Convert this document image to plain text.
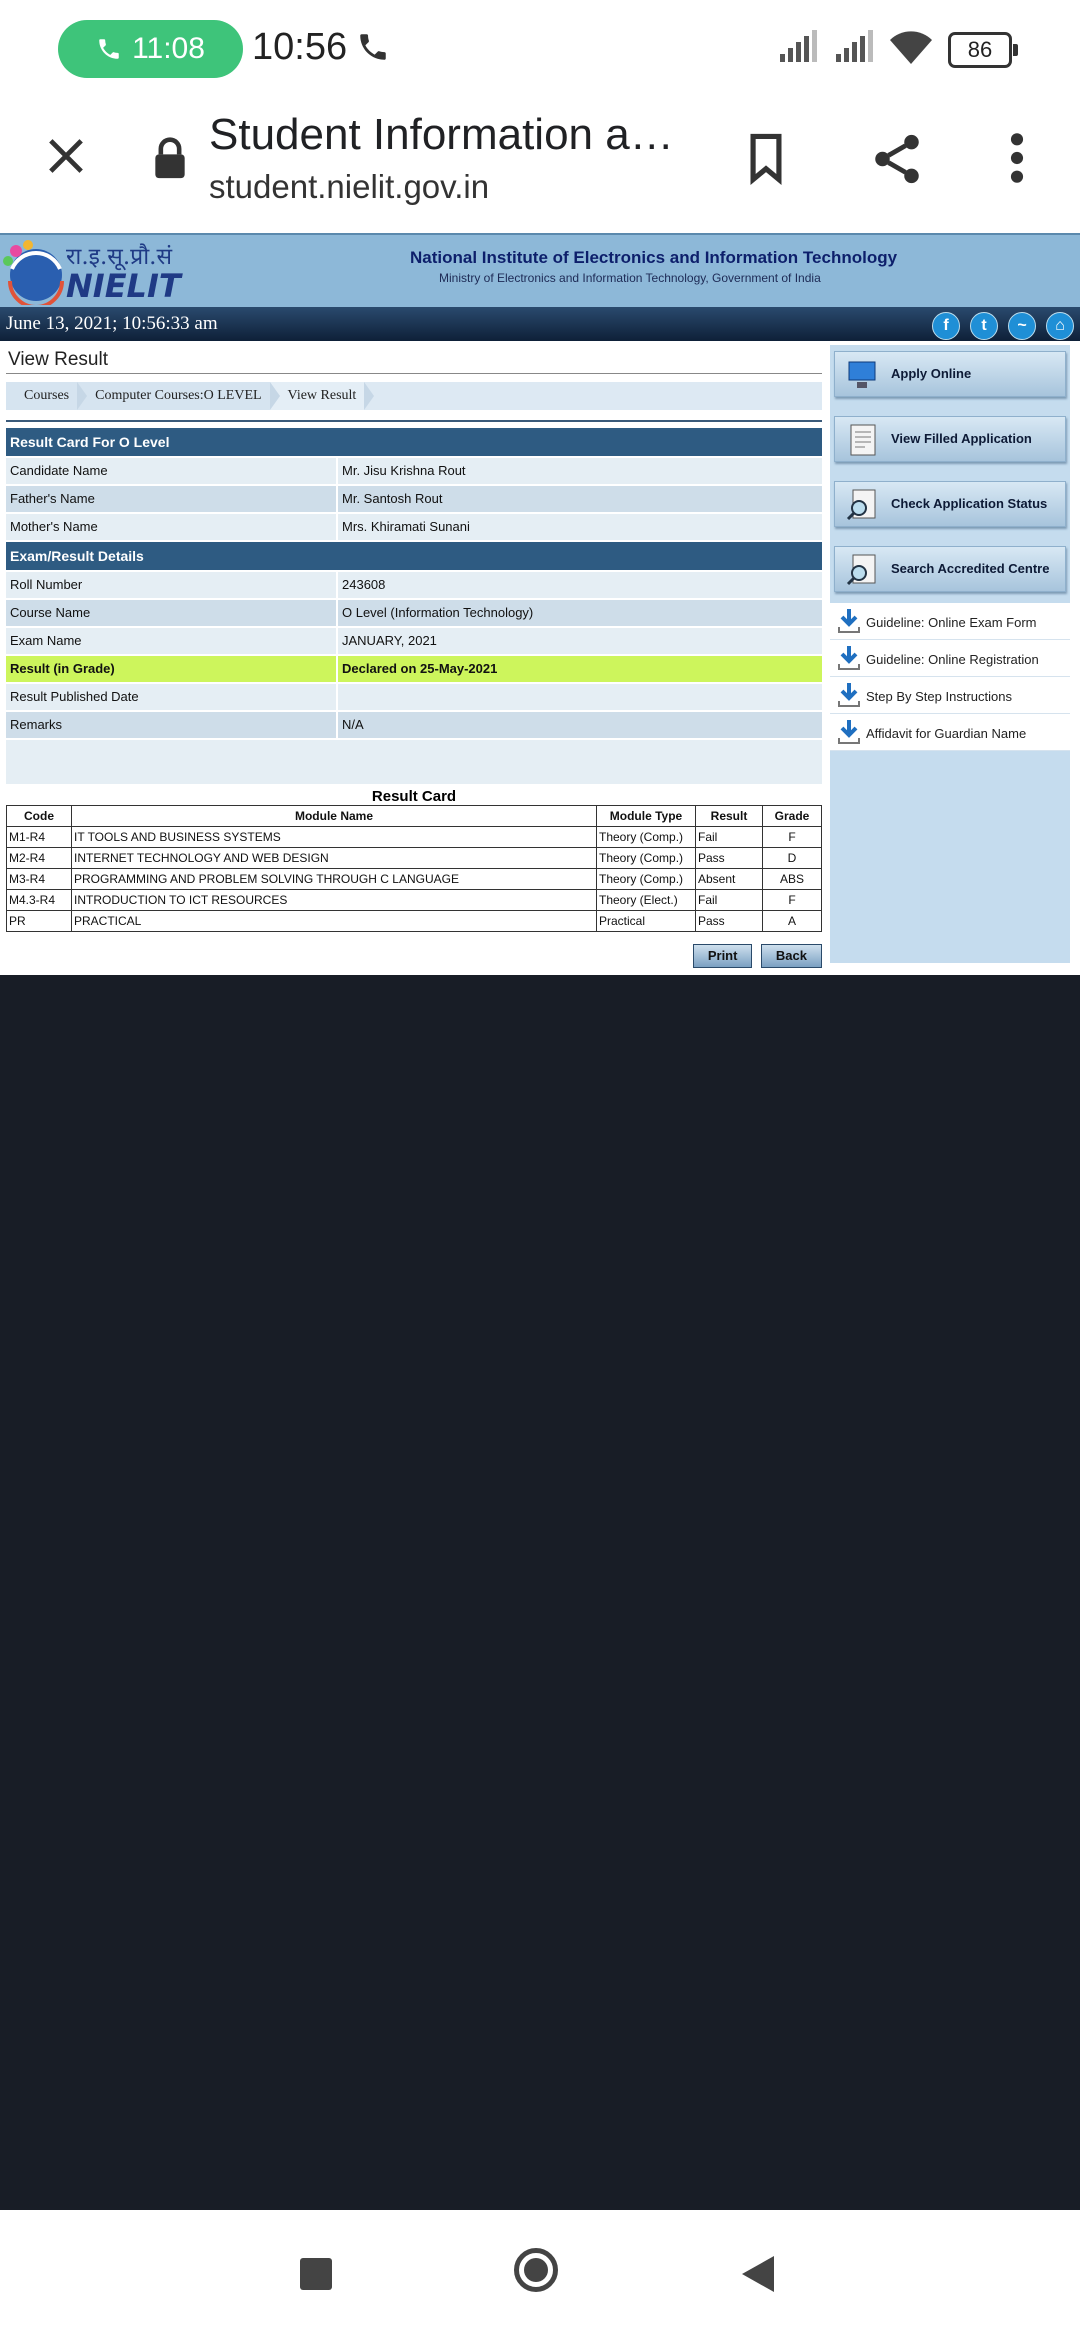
11:08 10:56	86
Student Information a…
student.nielit.gov.in
रा.इ.सू.प्रौ.सं
NIELIT
National Institute of Electronics and Information Technology
Ministry of Electronics and Information Technology, Government of India
June 13, 2021; 10:56:33 am	f	t	~	⌂
View Result
Courses	Computer Courses:O LEVEL	View Result
Result Card For O Level
Candidate Name	Mr. Jisu Krishna Rout
Father's Name	Mr. Santosh Rout
Mother's Name	Mrs. Khiramati Sunani
Exam/Result Details
Roll Number	243608
Course Name	O Level (Information Technology)
Exam Name	JANUARY, 2021
Result (in Grade)	Declared on 25-May-2021
Result Published Date
Remarks	N/A
Result Card
Code	Module Name	Module Type	Result	Grade
M1-R4	IT TOOLS AND BUSINESS SYSTEMS	Theory (Comp.)	Fail	F
M2-R4	INTERNET TECHNOLOGY AND WEB DESIGN	Theory (Comp.)	Pass	D
M3-R4	PROGRAMMING AND PROBLEM SOLVING THROUGH C LANGUAGE	Theory (Comp.)	Absent	ABS
M4.3-R4	INTRODUCTION TO ICT RESOURCES	Theory (Elect.)	Fail	F
PR	PRACTICAL	Practical	Pass	A
Print	Back
Apply Online
View Filled Application
Check Application Status
Search Accredited Centre
Guideline: Online Exam Form
Guideline: Online Registration
Step By Step Instructions
Affidavit for Guardian Name
